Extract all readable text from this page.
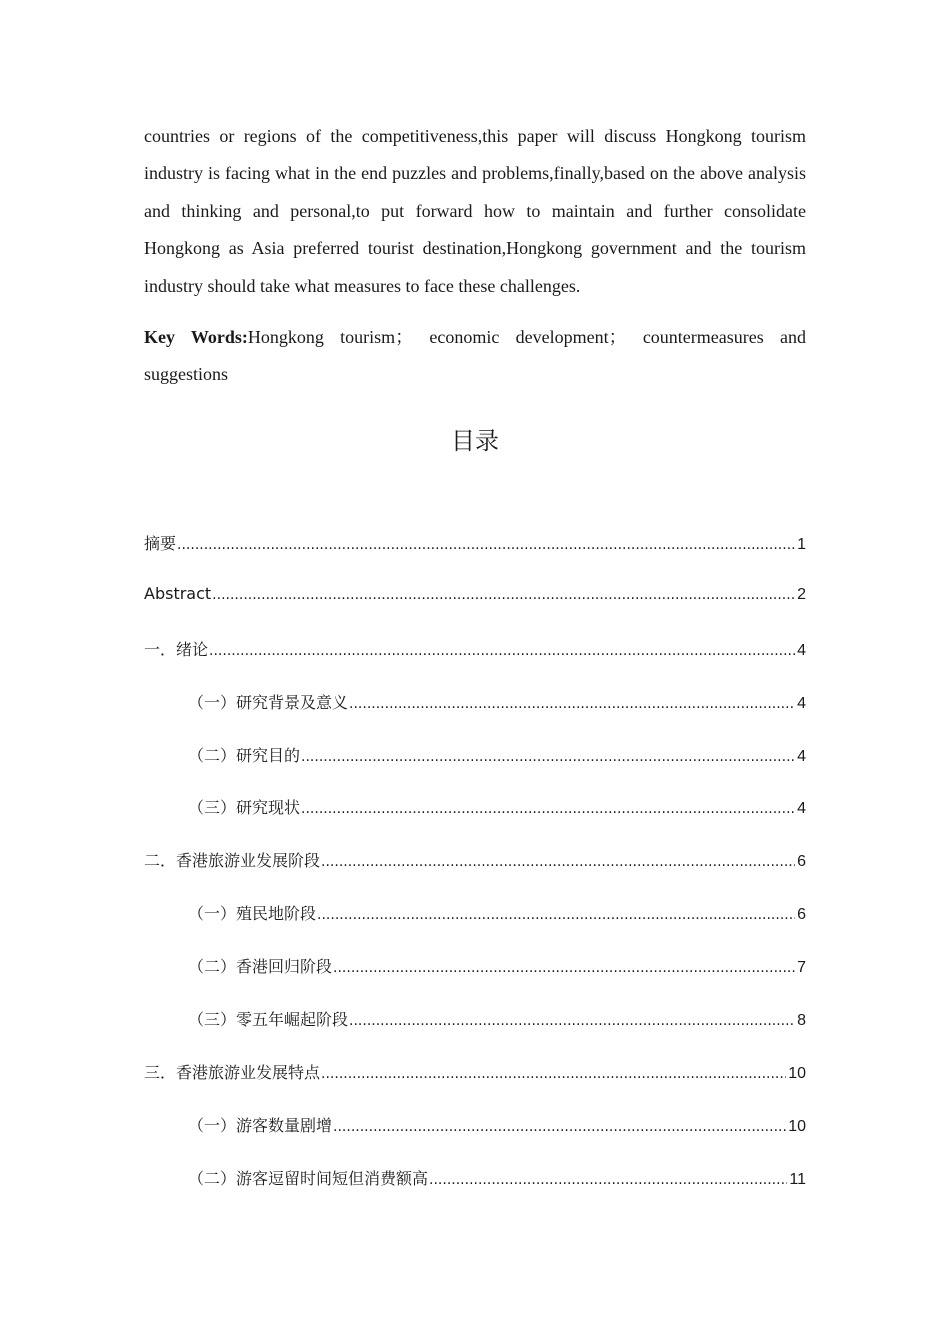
countries or regions of the competitiveness,this paper will discuss Hongkong tourism industry is facing what in the end puzzles and problems,finally,based on the above analysis and thinking and personal,to put forward how to maintain and further consolidate Hongkong as Asia preferred tourist destination,Hongkong government and the tourism industry should take what measures to face these challenges.

Key Words:Hongkong tourism； economic development； countermeasures and suggestions

目录
摘要 .....	1
Abstract .....	2
一．绪论 .....	4
（一）研究背景及意义 .....	4
（二）研究目的 .....	4
（三）研究现状 .....	4
二．香港旅游业发展阶段 .....	6
（一）殖民地阶段 .....	6
（二）香港回归阶段 .....	7
（三）零五年崛起阶段 .....	8
三．香港旅游业发展特点 .....	10
（一）游客数量剧增 .....	10
（二）游客逗留时间短但消费额高 .....	11
